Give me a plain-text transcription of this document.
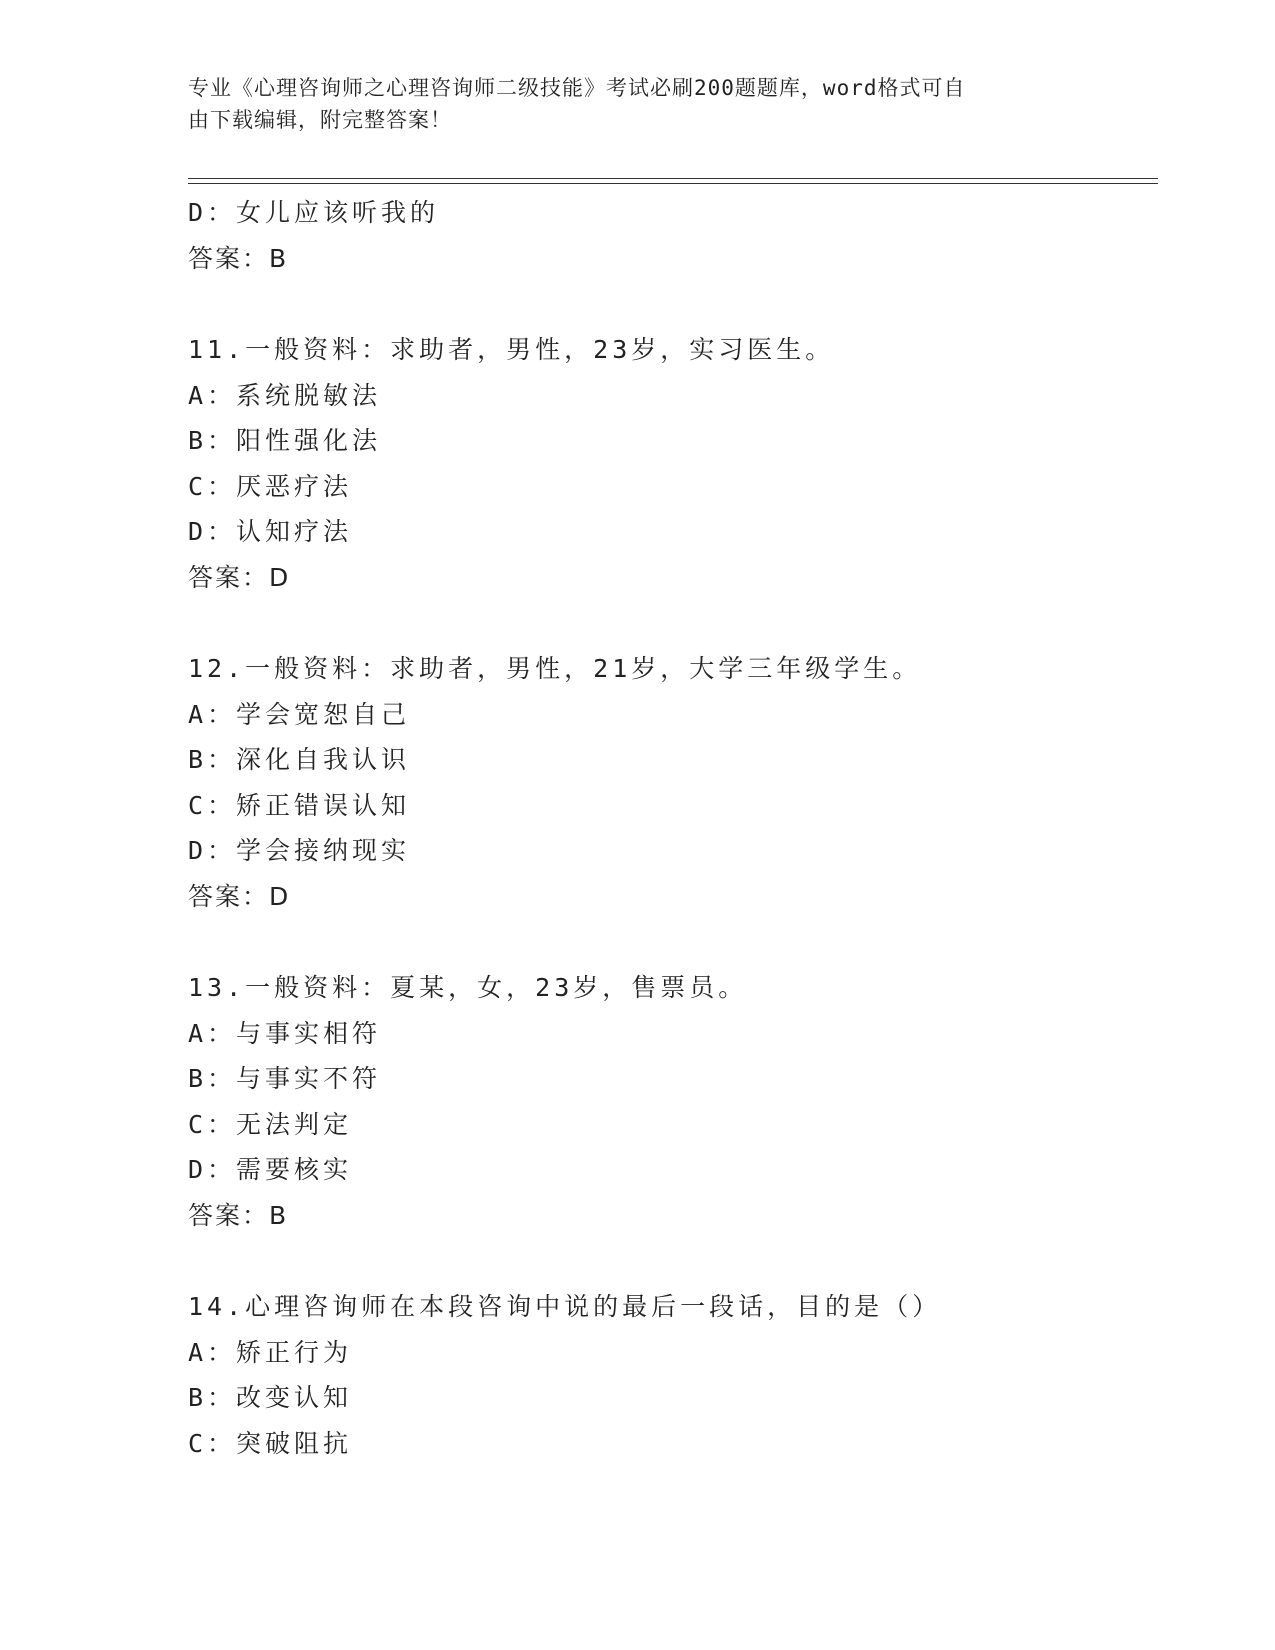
专业《心理咨询师之心理咨询师二级技能》考试必刷200题题库，word格式可自
由下载编辑，附完整答案！
D：女儿应该听我的
答案：B
11.一般资料：求助者，男性，23岁，实习医生。
A：系统脱敏法
B：阳性强化法
C：厌恶疗法
D：认知疗法
答案：D
12.一般资料：求助者，男性，21岁，大学三年级学生。
A：学会宽恕自己
B：深化自我认识
C：矫正错误认知
D：学会接纳现实
答案：D
13.一般资料：夏某，女，23岁，售票员。
A：与事实相符
B：与事实不符
C：无法判定
D：需要核实
答案：B
14.心理咨询师在本段咨询中说的最后一段话，目的是（）
A：矫正行为
B：改变认知
C：突破阻抗
